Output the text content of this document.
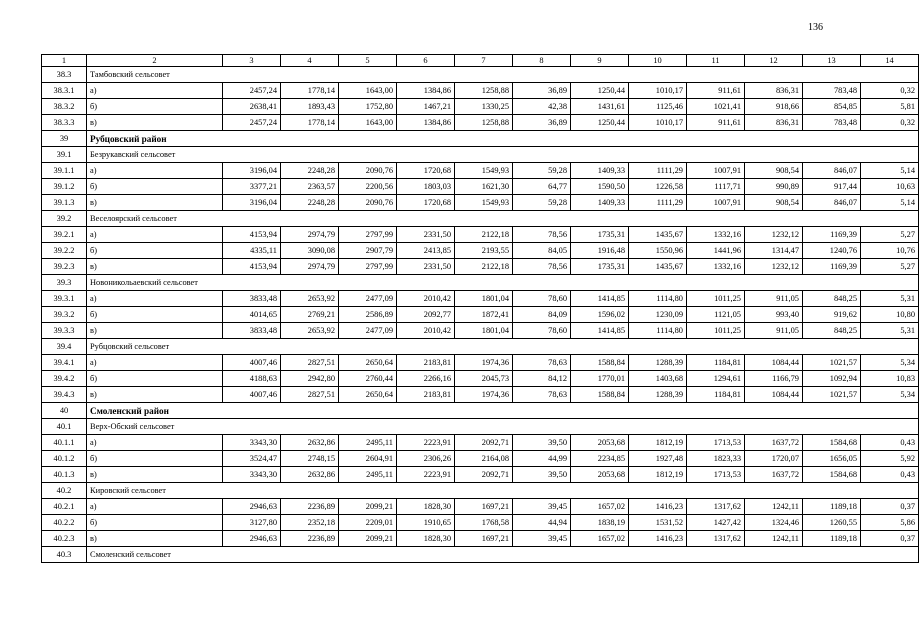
136
1	2	3	4	5	6	7	8	9	10	11	12	13	14
38.3	Тамбовский сельсовет												
38.3.1	а)	2457,24	1778,14	1643,00	1384,86	1258,88	36,89	1250,44	1010,17	911,61	836,31	783,48	0,32
38.3.2	б)	2638,41	1893,43	1752,80	1467,21	1330,25	42,38	1431,61	1125,46	1021,41	918,66	854,85	5,81
38.3.3	в)	2457,24	1778,14	1643,00	1384,86	1258,88	36,89	1250,44	1010,17	911,61	836,31	783,48	0,32
39	Рубцовский район												
39.1	Безрукавский сельсовет												
39.1.1	а)	3196,04	2248,28	2090,76	1720,68	1549,93	59,28	1409,33	1111,29	1007,91	908,54	846,07	5,14
39.1.2	б)	3377,21	2363,57	2200,56	1803,03	1621,30	64,77	1590,50	1226,58	1117,71	990,89	917,44	10,63
39.1.3	в)	3196,04	2248,28	2090,76	1720,68	1549,93	59,28	1409,33	1111,29	1007,91	908,54	846,07	5,14
39.2	Веселоярский сельсовет												
39.2.1	а)	4153,94	2974,79	2797,99	2331,50	2122,18	78,56	1735,31	1435,67	1332,16	1232,12	1169,39	5,27
39.2.2	б)	4335,11	3090,08	2907,79	2413,85	2193,55	84,05	1916,48	1550,96	1441,96	1314,47	1240,76	10,76
39.2.3	в)	4153,94	2974,79	2797,99	2331,50	2122,18	78,56	1735,31	1435,67	1332,16	1232,12	1169,39	5,27
39.3	Новоникольаевский сельсовет												
39.3.1	а)	3833,48	2653,92	2477,09	2010,42	1801,04	78,60	1414,85	1114,80	1011,25	911,05	848,25	5,31
39.3.2	б)	4014,65	2769,21	2586,89	2092,77	1872,41	84,09	1596,02	1230,09	1121,05	993,40	919,62	10,80
39.3.3	в)	3833,48	2653,92	2477,09	2010,42	1801,04	78,60	1414,85	1114,80	1011,25	911,05	848,25	5,31
39.4	Рубцовский сельсовет												
39.4.1	а)	4007,46	2827,51	2650,64	2183,81	1974,36	78,63	1588,84	1288,39	1184,81	1084,44	1021,57	5,34
39.4.2	б)	4188,63	2942,80	2760,44	2266,16	2045,73	84,12	1770,01	1403,68	1294,61	1166,79	1092,94	10,83
39.4.3	в)	4007,46	2827,51	2650,64	2183,81	1974,36	78,63	1588,84	1288,39	1184,81	1084,44	1021,57	5,34
40	Смоленский район												
40.1	Верх-Обский сельсовет												
40.1.1	а)	3343,30	2632,86	2495,11	2223,91	2092,71	39,50	2053,68	1812,19	1713,53	1637,72	1584,68	0,43
40.1.2	б)	3524,47	2748,15	2604,91	2306,26	2164,08	44,99	2234,85	1927,48	1823,33	1720,07	1656,05	5,92
40.1.3	в)	3343,30	2632,86	2495,11	2223,91	2092,71	39,50	2053,68	1812,19	1713,53	1637,72	1584,68	0,43
40.2	Кировский сельсовет												
40.2.1	а)	2946,63	2236,89	2099,21	1828,30	1697,21	39,45	1657,02	1416,23	1317,62	1242,11	1189,18	0,37
40.2.2	б)	3127,80	2352,18	2209,01	1910,65	1768,58	44,94	1838,19	1531,52	1427,42	1324,46	1260,55	5,86
40.2.3	в)	2946,63	2236,89	2099,21	1828,30	1697,21	39,45	1657,02	1416,23	1317,62	1242,11	1189,18	0,37
40.3	Смоленский сельсовет												
